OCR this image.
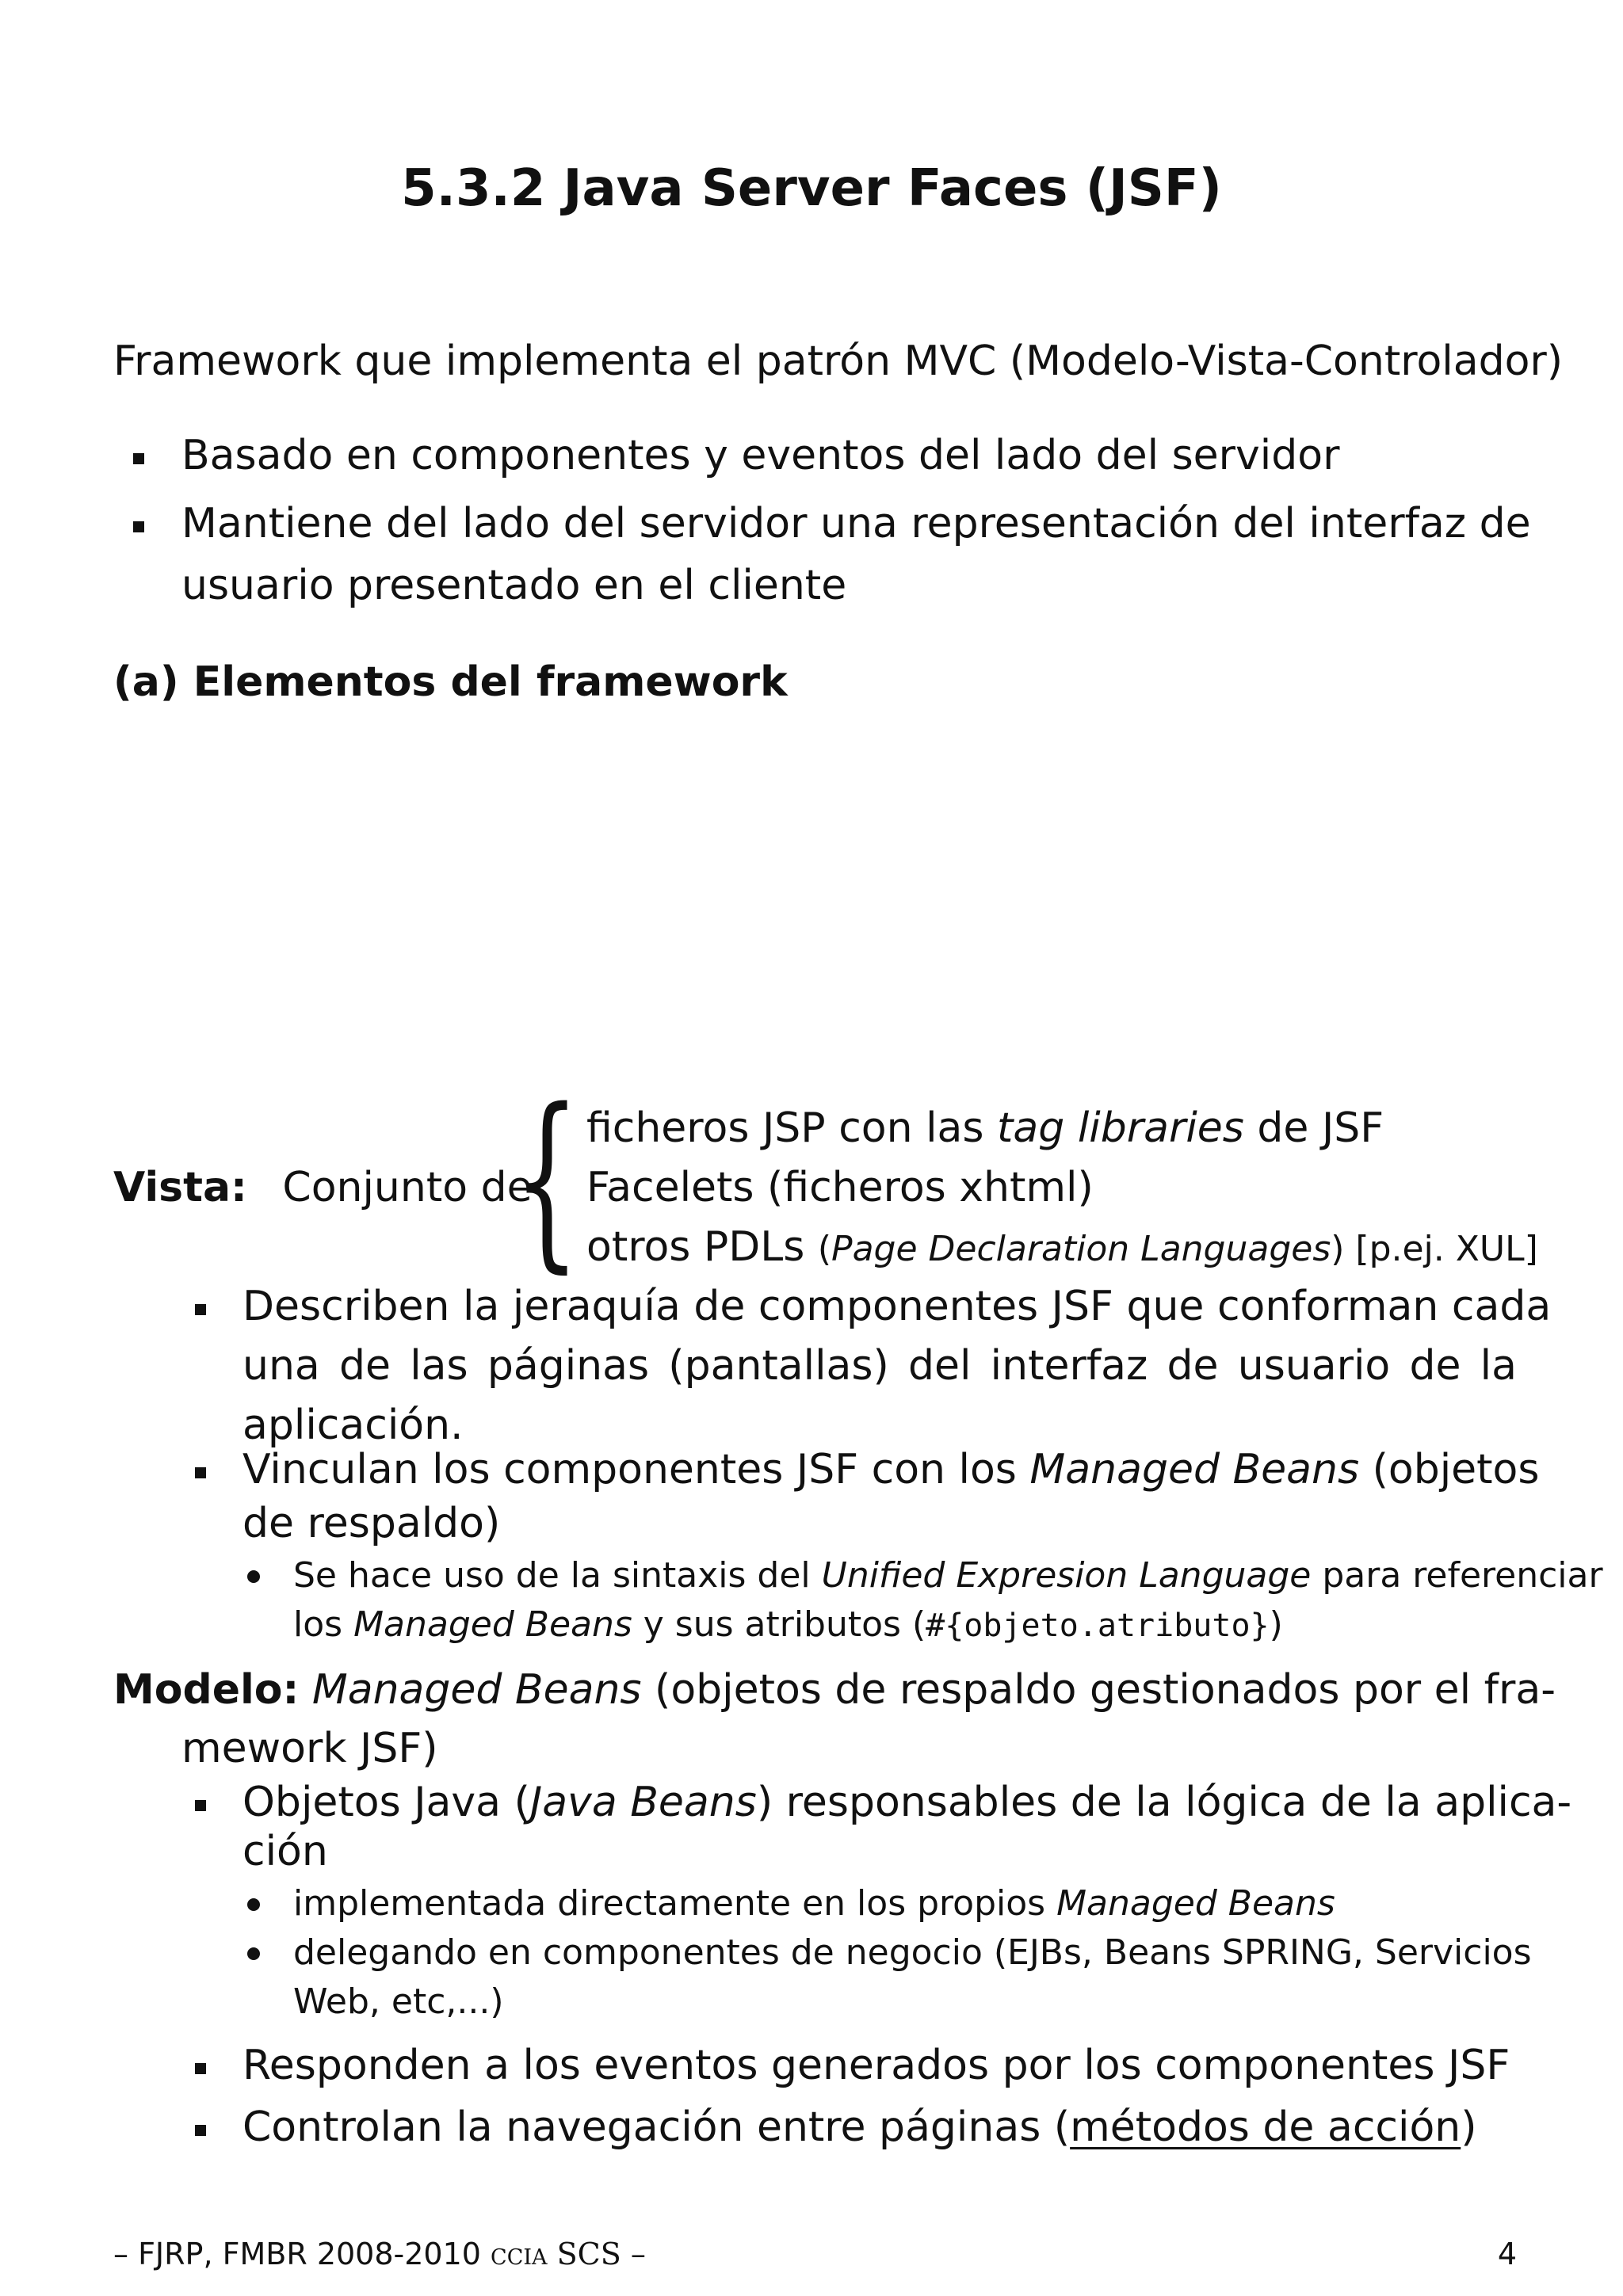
5.3.2 Java Server Faces (JSF)
Framework que implementa el patrón MVC (Modelo-Vista-Controlador)
Basado en componentes y eventos del lado del servidor
Mantiene del lado del servidor una representación del interfaz de
usuario presentado en el cliente
(a) Elementos del framework
Vista: Conjunto de
{ ficheros JSP con las tag libraries de JSF
Facelets (ficheros xhtml)
otros PDLs (Page Declaration Languages) [p.ej. XUL]
Describen la jeraquía de componentes JSF que conforman cada
una de las páginas (pantallas) del interfaz de usuario de la
aplicación.
Vinculan los componentes JSF con los Managed Beans (objetos
de respaldo)
Se hace uso de la sintaxis del Unified Expresion Language para referenciar
los Managed Beans y sus atributos (#{objeto.atributo})
Modelo: Managed Beans (objetos de respaldo gestionados por el fra-
mework JSF)
Objetos Java (Java Beans) responsables de la lógica de la aplica-
ción
implementada directamente en los propios Managed Beans
delegando en componentes de negocio (EJBs, Beans SPRING, Servicios
Web, etc,...)
Responden a los eventos generados por los componentes JSF
Controlan la navegación entre páginas (métodos de acción)
– FJRP, FMBR 2008-2010 ccia SCS –	4
